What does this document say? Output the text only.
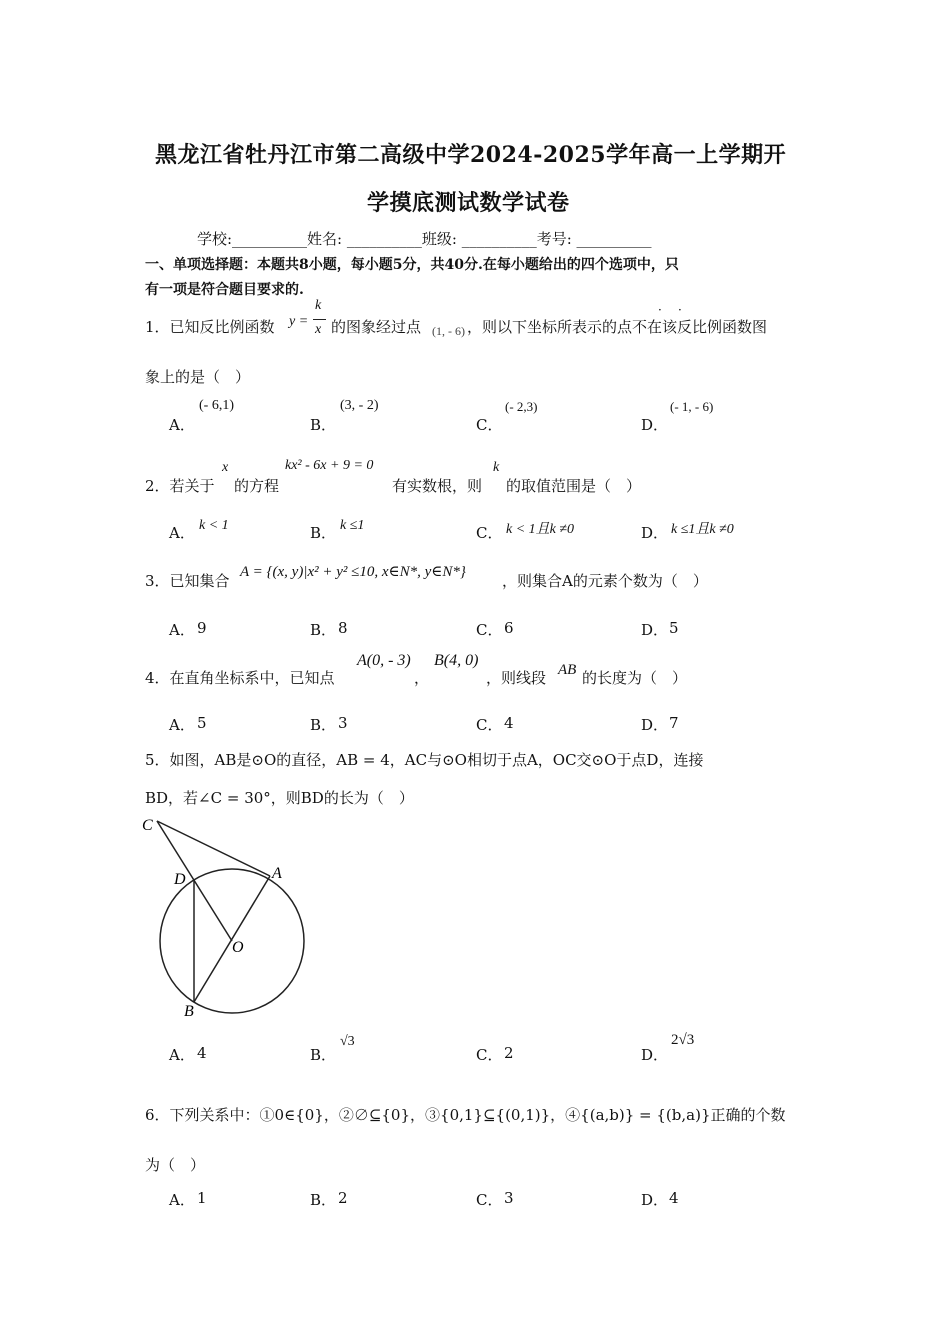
黑龙江省牡丹江市第二高级中学2024-2025学年高一上学期开
学摸底测试数学试卷
学校:__________姓名: __________班级: __________考号: __________
一、单项选择题：本题共8小题，每小题5分，共40分.在每小题给出的四个选项中，只
有一项是符合题目要求的.
1．已知反比例函数 y =
k
x 的图象经过点 (1, - 6) ，则以下坐标所表示的点不在该反比例函数图
· ·
象上的是（　）
A．
(- 6,1)
B．
(3, - 2)
C．
(- 2,3)
D．
(- 1, - 6)
2．若关于
x
的方程
kx² - 6x + 9 = 0
有实数根，则
k
的取值范围是（　）
A． k < 1	B． k ≤1	C． k < 1且k ≠0	D． k ≤1且k ≠0
3．已知集合 A = {(x, y)|x² + y² ≤10, x∈N*, y∈N*} ，则集合A的元素个数为（　）
A． 9	B． 8	C． 6	D． 5
4．在直角坐标系中，已知点
A(0, - 3)
，
B(4, 0)
，则线段 AB 的长度为（　）
A． 5	B． 3	C． 4	D． 7
5．如图，AB是⊙O的直径，AB = 4，AC与⊙O相切于点A，OC交⊙O于点D，连接
BD，若∠C = 30°，则BD的长为（　）
C
D	A
O
B
A． 4	B．
√3
C． 2	D．
2√3
6．下列关系中：①0∈{0}，②∅⊆{0}，③{0,1}⊆{(0,1)}，④{(a,b)} = {(b,a)}正确的个数
为（　）
A． 1	B． 2	C． 3	D． 4
